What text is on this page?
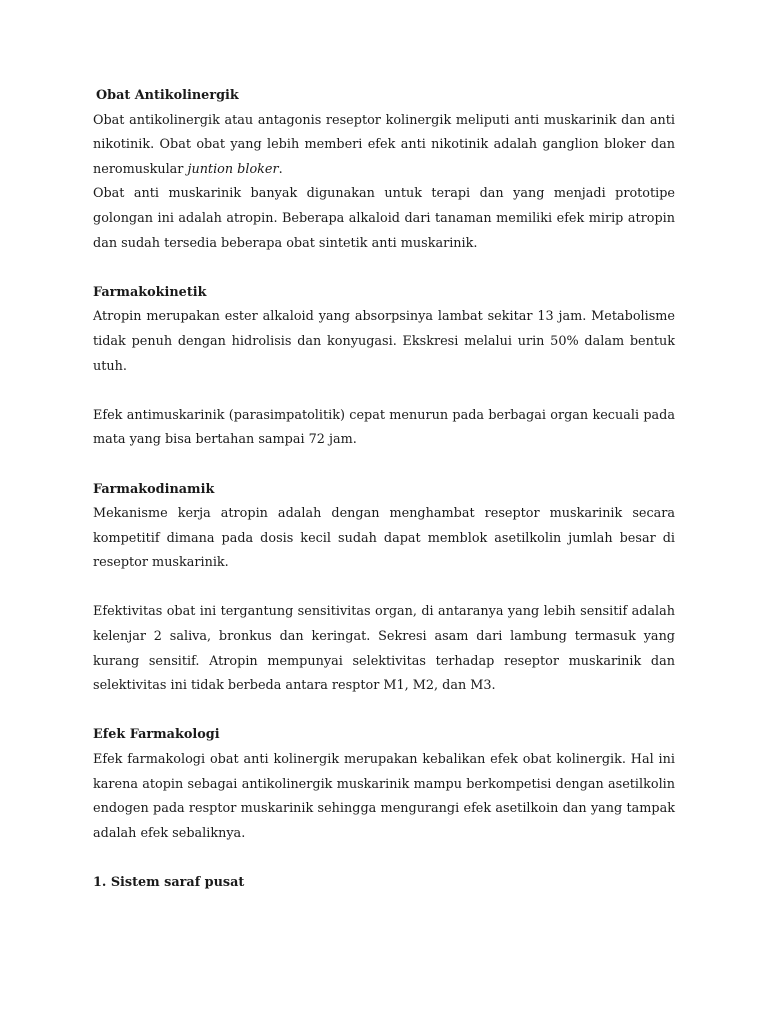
Obat Antikolinergik

Obat antikolinergik atau antagonis reseptor kolinergik meliputi anti muskarinik dan anti nikotinik. Obat obat yang lebih memberi efek anti nikotinik adalah ganglion bloker dan neromuskular juntion bloker.

Obat anti muskarinik banyak digunakan untuk terapi dan yang menjadi prototipe golongan ini adalah atropin. Beberapa alkaloid dari tanaman memiliki efek mirip atropin dan sudah tersedia beberapa obat sintetik anti muskarinik.

Farmakokinetik

Atropin merupakan ester alkaloid yang absorpsinya lambat sekitar 13 jam. Metabolisme tidak penuh dengan hidrolisis dan konyugasi. Ekskresi melalui urin 50% dalam bentuk utuh.

Efek antimuskarinik (parasimpatolitik) cepat menurun pada berbagai organ kecuali pada mata yang bisa bertahan sampai 72 jam.

Farmakodinamik

Mekanisme kerja atropin adalah dengan menghambat reseptor muskarinik secara kompetitif dimana pada dosis kecil sudah dapat memblok asetilkolin jumlah besar di reseptor muskarinik.

Efektivitas obat ini tergantung sensitivitas organ, di antaranya yang lebih sensitif adalah kelenjar 2 saliva, bronkus dan keringat. Sekresi asam dari lambung termasuk yang kurang sensitif. Atropin mempunyai selektivitas terhadap reseptor muskarinik dan selektivitas ini tidak berbeda antara resptor M1, M2, dan M3.

Efek Farmakologi

Efek farmakologi obat anti kolinergik merupakan kebalikan efek obat kolinergik. Hal ini karena atopin sebagai antikolinergik muskarinik mampu berkompetisi dengan asetilkolin endogen pada resptor muskarinik sehingga mengurangi efek asetilkoin dan yang tampak adalah efek sebaliknya.

1. Sistem saraf pusat
